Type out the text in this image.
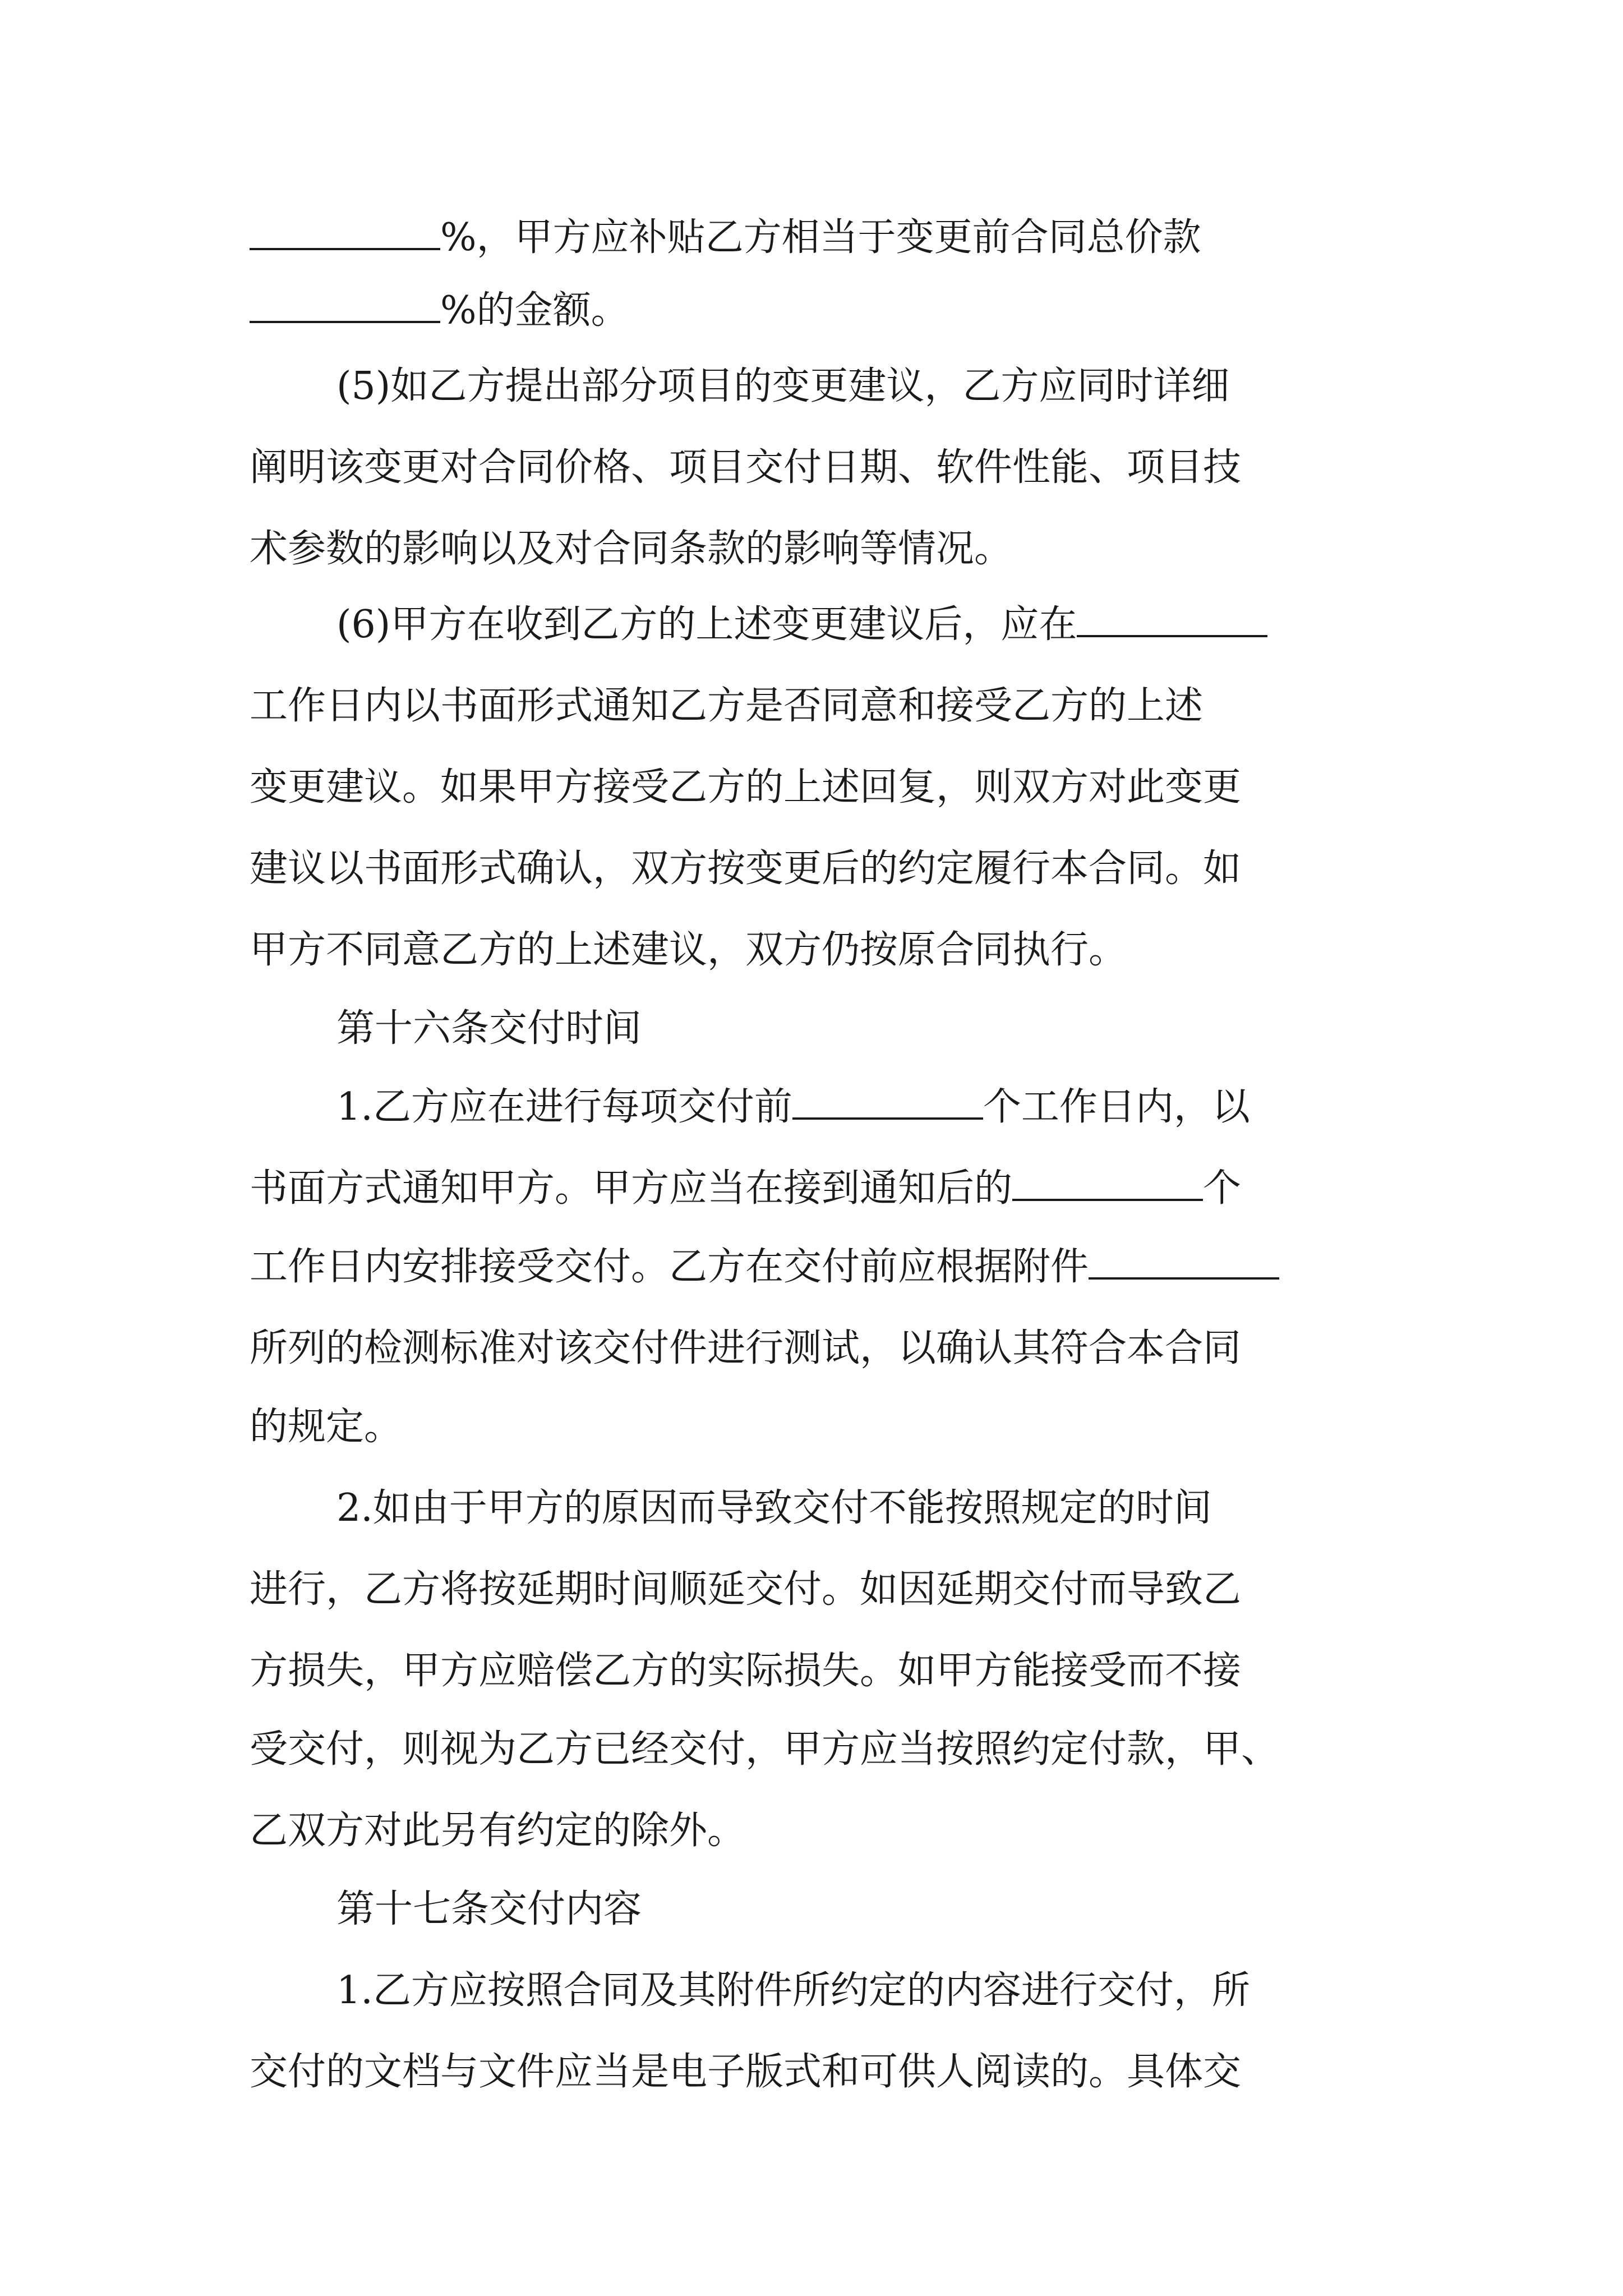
%，甲方应补贴乙方相当于变更前合同总价款
%的金额。
(5)如乙方提出部分项目的变更建议，乙方应同时详细
阐明该变更对合同价格、项目交付日期、软件性能、项目技
术参数的影响以及对合同条款的影响等情况。
(6)甲方在收到乙方的上述变更建议后，应在
工作日内以书面形式通知乙方是否同意和接受乙方的上述
变更建议。如果甲方接受乙方的上述回复，则双方对此变更
建议以书面形式确认，双方按变更后的约定履行本合同。如
甲方不同意乙方的上述建议，双方仍按原合同执行。
第十六条交付时间
1.乙方应在进行每项交付前	个工作日内，以
书面方式通知甲方。甲方应当在接到通知后的	个
工作日内安排接受交付。乙方在交付前应根据附件
所列的检测标准对该交付件进行测试，以确认其符合本合同
的规定。
2.如由于甲方的原因而导致交付不能按照规定的时间
进行，乙方将按延期时间顺延交付。如因延期交付而导致乙
方损失，甲方应赔偿乙方的实际损失。如甲方能接受而不接
受交付，则视为乙方已经交付，甲方应当按照约定付款，甲、
乙双方对此另有约定的除外。
第十七条交付内容
1.乙方应按照合同及其附件所约定的内容进行交付，所
交付的文档与文件应当是电子版式和可供人阅读的。具体交
